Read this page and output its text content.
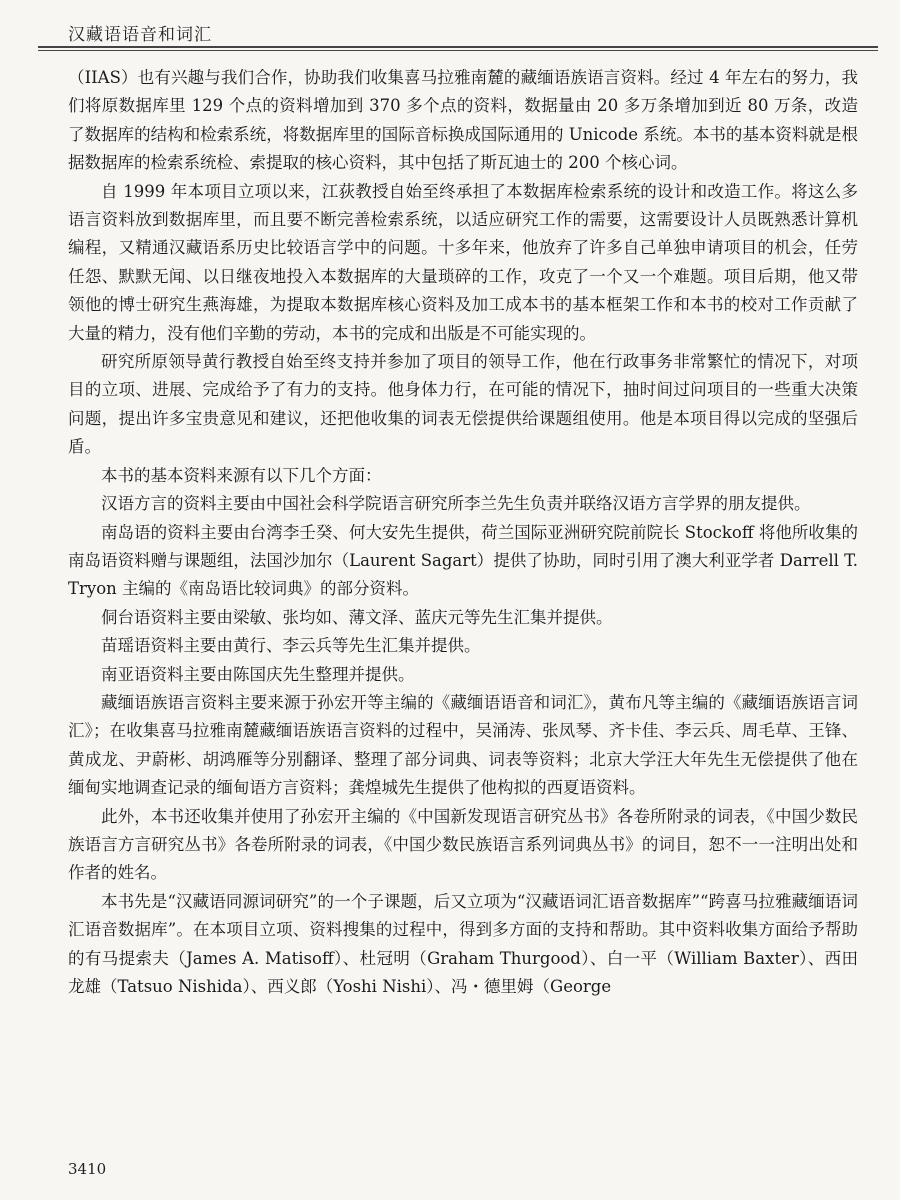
汉藏语语音和词汇

（IIAS）也有兴趣与我们合作，协助我们收集喜马拉雅南麓的藏缅语族语言资料。经过 4 年左右的努力，我们将原数据库里 129 个点的资料增加到 370 多个点的资料，数据量由 20 多万条增加到近 80 万条，改造了数据库的结构和检索系统，将数据库里的国际音标换成国际通用的 Unicode 系统。本书的基本资料就是根据数据库的检索系统检、索提取的核心资料，其中包括了斯瓦迪士的 200 个核心词。

自 1999 年本项目立项以来，江荻教授自始至终承担了本数据库检索系统的设计和改造工作。将这么多语言资料放到数据库里，而且要不断完善检索系统，以适应研究工作的需要，这需要设计人员既熟悉计算机编程，又精通汉藏语系历史比较语言学中的问题。十多年来，他放弃了许多自己单独申请项目的机会，任劳任怨、默默无闻、以日继夜地投入本数据库的大量琐碎的工作，攻克了一个又一个难题。项目后期，他又带领他的博士研究生燕海雄，为提取本数据库核心资料及加工成本书的基本框架工作和本书的校对工作贡献了大量的精力，没有他们辛勤的劳动，本书的完成和出版是不可能实现的。

研究所原领导黄行教授自始至终支持并参加了项目的领导工作，他在行政事务非常繁忙的情况下，对项目的立项、进展、完成给予了有力的支持。他身体力行，在可能的情况下，抽时间过问项目的一些重大决策问题，提出许多宝贵意见和建议，还把他收集的词表无偿提供给课题组使用。他是本项目得以完成的坚强后盾。

本书的基本资料来源有以下几个方面：

汉语方言的资料主要由中国社会科学院语言研究所李兰先生负责并联络汉语方言学界的朋友提供。

南岛语的资料主要由台湾李壬癸、何大安先生提供，荷兰国际亚洲研究院前院长 Stockoff 将他所收集的南岛语资料赠与课题组，法国沙加尔（Laurent Sagart）提供了协助，同时引用了澳大利亚学者 Darrell T. Tryon 主编的《南岛语比较词典》的部分资料。

侗台语资料主要由梁敏、张均如、薄文泽、蓝庆元等先生汇集并提供。

苗瑶语资料主要由黄行、李云兵等先生汇集并提供。

南亚语资料主要由陈国庆先生整理并提供。

藏缅语族语言资料主要来源于孙宏开等主编的《藏缅语语音和词汇》，黄布凡等主编的《藏缅语族语言词汇》；在收集喜马拉雅南麓藏缅语族语言资料的过程中，吴涌涛、张凤琴、齐卡佳、李云兵、周毛草、王锋、黄成龙、尹蔚彬、胡鸿雁等分别翻译、整理了部分词典、词表等资料；北京大学汪大年先生无偿提供了他在缅甸实地调查记录的缅甸语方言资料；龚煌城先生提供了他构拟的西夏语资料。

此外，本书还收集并使用了孙宏开主编的《中国新发现语言研究丛书》各卷所附录的词表，《中国少数民族语言方言研究丛书》各卷所附录的词表，《中国少数民族语言系列词典丛书》的词目，恕不一一注明出处和作者的姓名。

本书先是“汉藏语同源词研究”的一个子课题，后又立项为“汉藏语词汇语音数据库”“跨喜马拉雅藏缅语词汇语音数据库”。在本项目立项、资料搜集的过程中，得到多方面的支持和帮助。其中资料收集方面给予帮助的有马提索夫（James A. Matisoff）、杜冠明（Graham Thurgood）、白一平（William Baxter）、西田龙雄（Tatsuo Nishida）、西义郎（Yoshi Nishi）、冯・德里姆（George

3410
